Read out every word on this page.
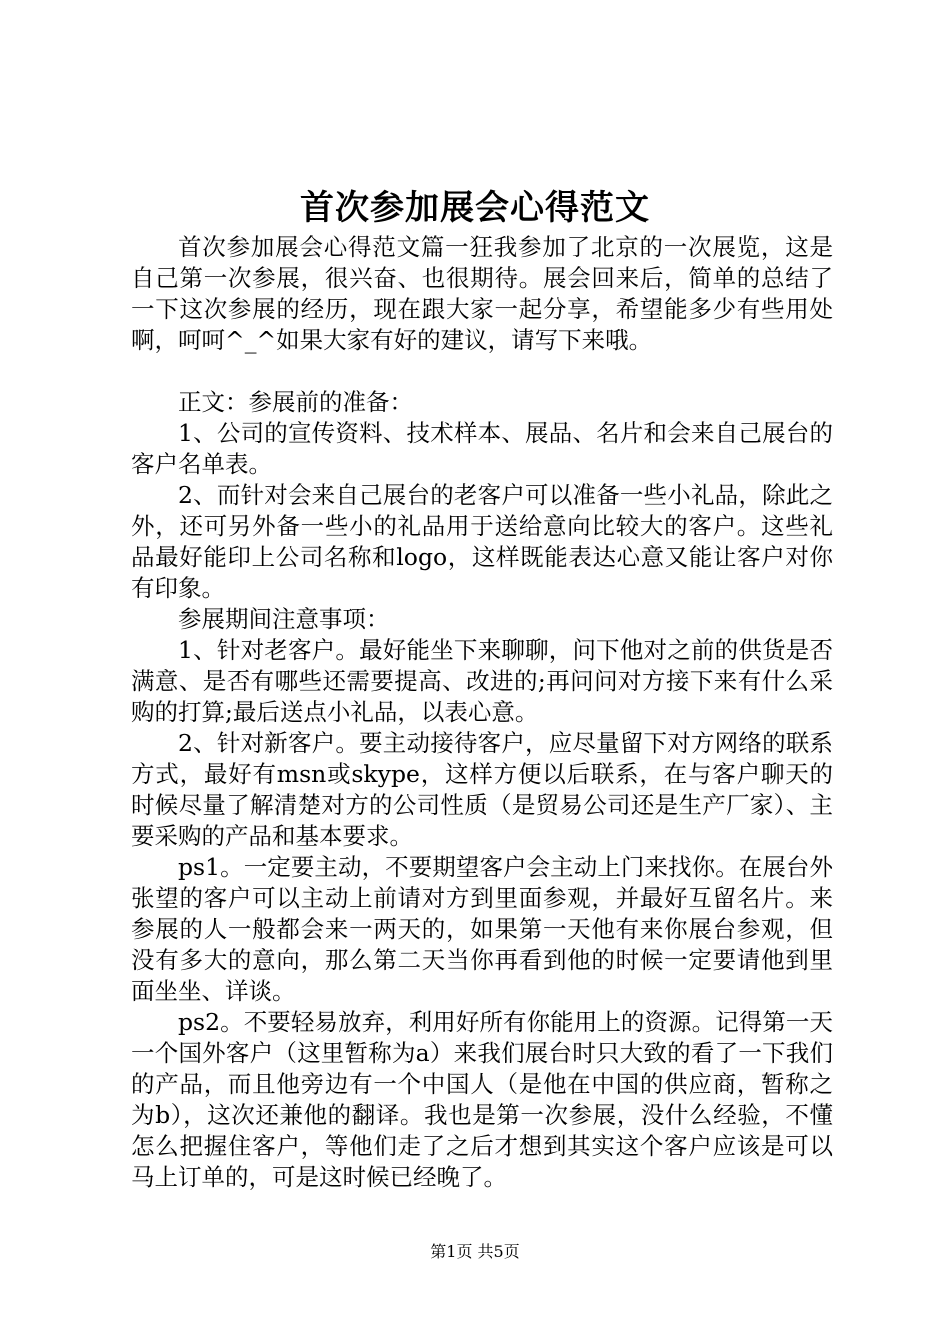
首次参加展会心得范文

首次参加展会心得范文篇一狂我参加了北京的一次展览，这是自己第一次参展，很兴奋、也很期待。展会回来后，简单的总结了一下这次参展的经历，现在跟大家一起分享，希望能多少有些用处啊，呵呵^_^如果大家有好的建议，请写下来哦。

正文：参展前的准备：

1、公司的宣传资料、技术样本、展品、名片和会来自己展台的客户名单表。

2、而针对会来自己展台的老客户可以准备一些小礼品，除此之外，还可另外备一些小的礼品用于送给意向比较大的客户。这些礼品最好能印上公司名称和logo，这样既能表达心意又能让客户对你有印象。

参展期间注意事项：

1、针对老客户。最好能坐下来聊聊，问下他对之前的供货是否满意、是否有哪些还需要提高、改进的;再问问对方接下来有什么采购的打算;最后送点小礼品，以表心意。

2、针对新客户。要主动接待客户，应尽量留下对方网络的联系方式，最好有msn或skype，这样方便以后联系，在与客户聊天的时候尽量了解清楚对方的公司性质（是贸易公司还是生产厂家）、主要采购的产品和基本要求。

ps1。一定要主动，不要期望客户会主动上门来找你。在展台外张望的客户可以主动上前请对方到里面参观，并最好互留名片。来参展的人一般都会来一两天的，如果第一天他有来你展台参观，但没有多大的意向，那么第二天当你再看到他的时候一定要请他到里面坐坐、详谈。

ps2。不要轻易放弃，利用好所有你能用上的资源。记得第一天一个国外客户（这里暂称为a）来我们展台时只大致的看了一下我们的产品，而且他旁边有一个中国人（是他在中国的供应商，暂称之为b），这次还兼他的翻译。我也是第一次参展，没什么经验，不懂怎么把握住客户，等他们走了之后才想到其实这个客户应该是可以马上订单的，可是这时候已经晚了。

第1页 共5页
